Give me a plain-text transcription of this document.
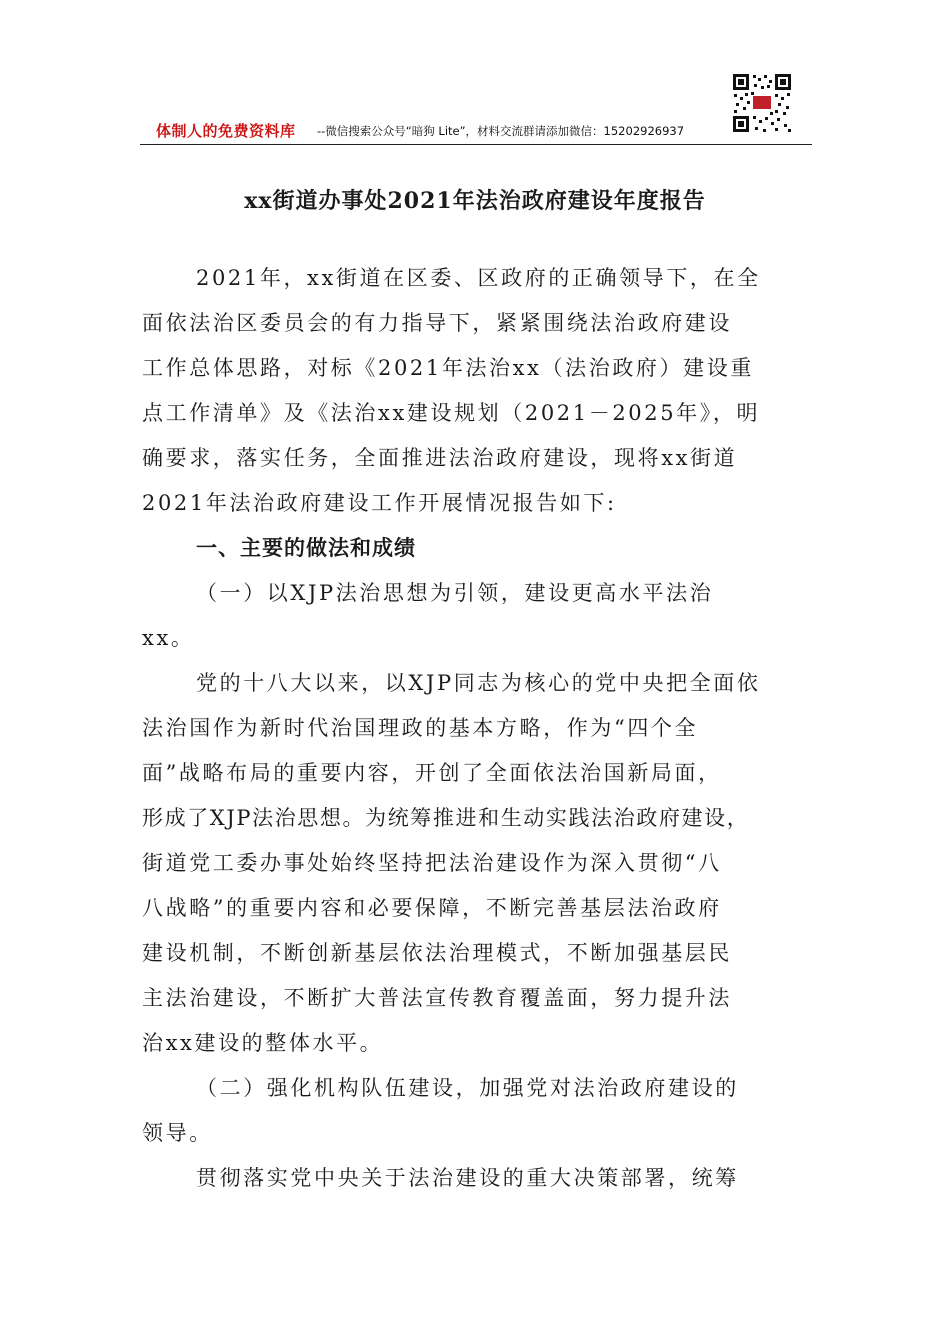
体制人的免费资料库 --微信搜索公众号“暗狗 Lite”，材料交流群请添加微信：15202926937
xx街道办事处2021年法治政府建设年度报告
2021年，xx街道在区委、区政府的正确领导下，在全
面依法治区委员会的有力指导下，紧紧围绕法治政府建设
工作总体思路，对标《2021年法治xx（法治政府）建设重
点工作清单》及《法治xx建设规划（2021－2025年》，明
确要求，落实任务，全面推进法治政府建设，现将xx街道
2021年法治政府建设工作开展情况报告如下:
一、主要的做法和成绩
（一）以XJP法治思想为引领，建设更高水平法治
xx。
党的十八大以来，以XJP同志为核心的党中央把全面依
法治国作为新时代治国理政的基本方略，作为“四个全
面”战略布局的重要内容，开创了全面依法治国新局面，
形成了XJP法治思想。为统筹推进和生动实践法治政府建设，
街道党工委办事处始终坚持把法治建设作为深入贯彻“八
八战略”的重要内容和必要保障，不断完善基层法治政府
建设机制，不断创新基层依法治理模式，不断加强基层民
主法治建设，不断扩大普法宣传教育覆盖面，努力提升法
治xx建设的整体水平。
（二）强化机构队伍建设，加强党对法治政府建设的
领导。
贯彻落实党中央关于法治建设的重大决策部署，统筹
